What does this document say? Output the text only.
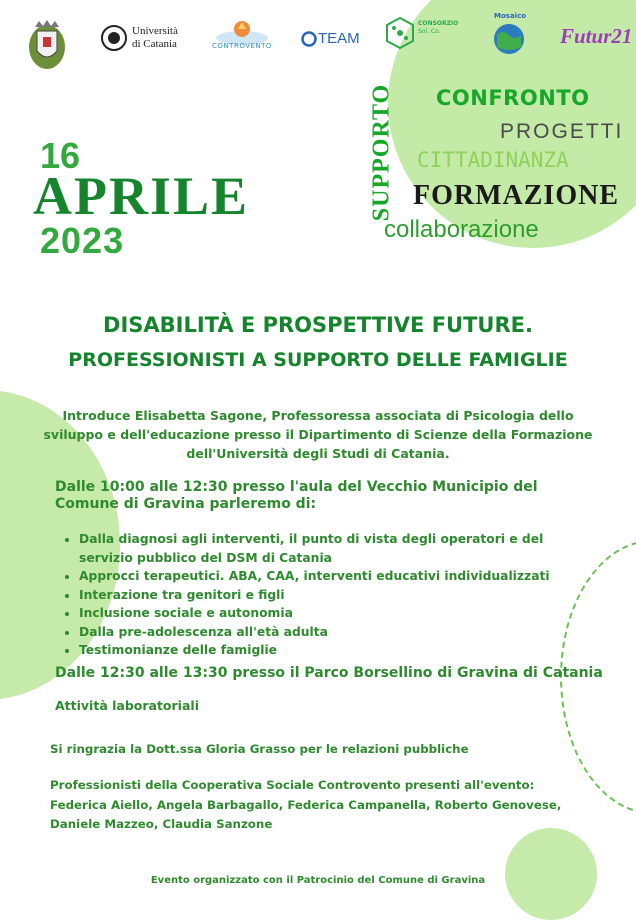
Università
di Catania	CONTROVENTO	TEAM
CONSORZIO
Sol. Co.
Mosaico
Futur21
CONFRONTO
PROGETTI
CITTADINANZA
FORMAZIONE
collaborazione
SUPPORTO
16
APRILE
2023
DISABILITÀ E PROSPETTIVE FUTURE.
PROFESSIONISTI A SUPPORTO DELLE FAMIGLIE
Introduce Elisabetta Sagone, Professoressa associata di Psicologia dello sviluppo e dell'educazione presso il Dipartimento di Scienze della Formazione dell'Università degli Studi di Catania.
Dalle 10:00 alle 12:30 presso l'aula del Vecchio Municipio del Comune di Gravina parleremo di:
• Dalla diagnosi agli interventi, il punto di vista degli operatori e del servizio pubblico del DSM di Catania
• Approcci terapeutici. ABA, CAA, interventi educativi individualizzati
• Interazione tra genitori e figli
• Inclusione sociale e autonomia
• Dalla pre-adolescenza all'età adulta
• Testimonianze delle famiglie
Dalle 12:30 alle 13:30 presso il Parco Borsellino di Gravina di Catania
Attività laboratoriali
Si ringrazia la Dott.ssa Gloria Grasso per le relazioni pubbliche
Professionisti della Cooperativa Sociale Controvento presenti all'evento:
Federica Aiello, Angela Barbagallo, Federica Campanella, Roberto Genovese, Daniele Mazzeo, Claudia Sanzone
Evento organizzato con il Patrocinio del Comune di Gravina
